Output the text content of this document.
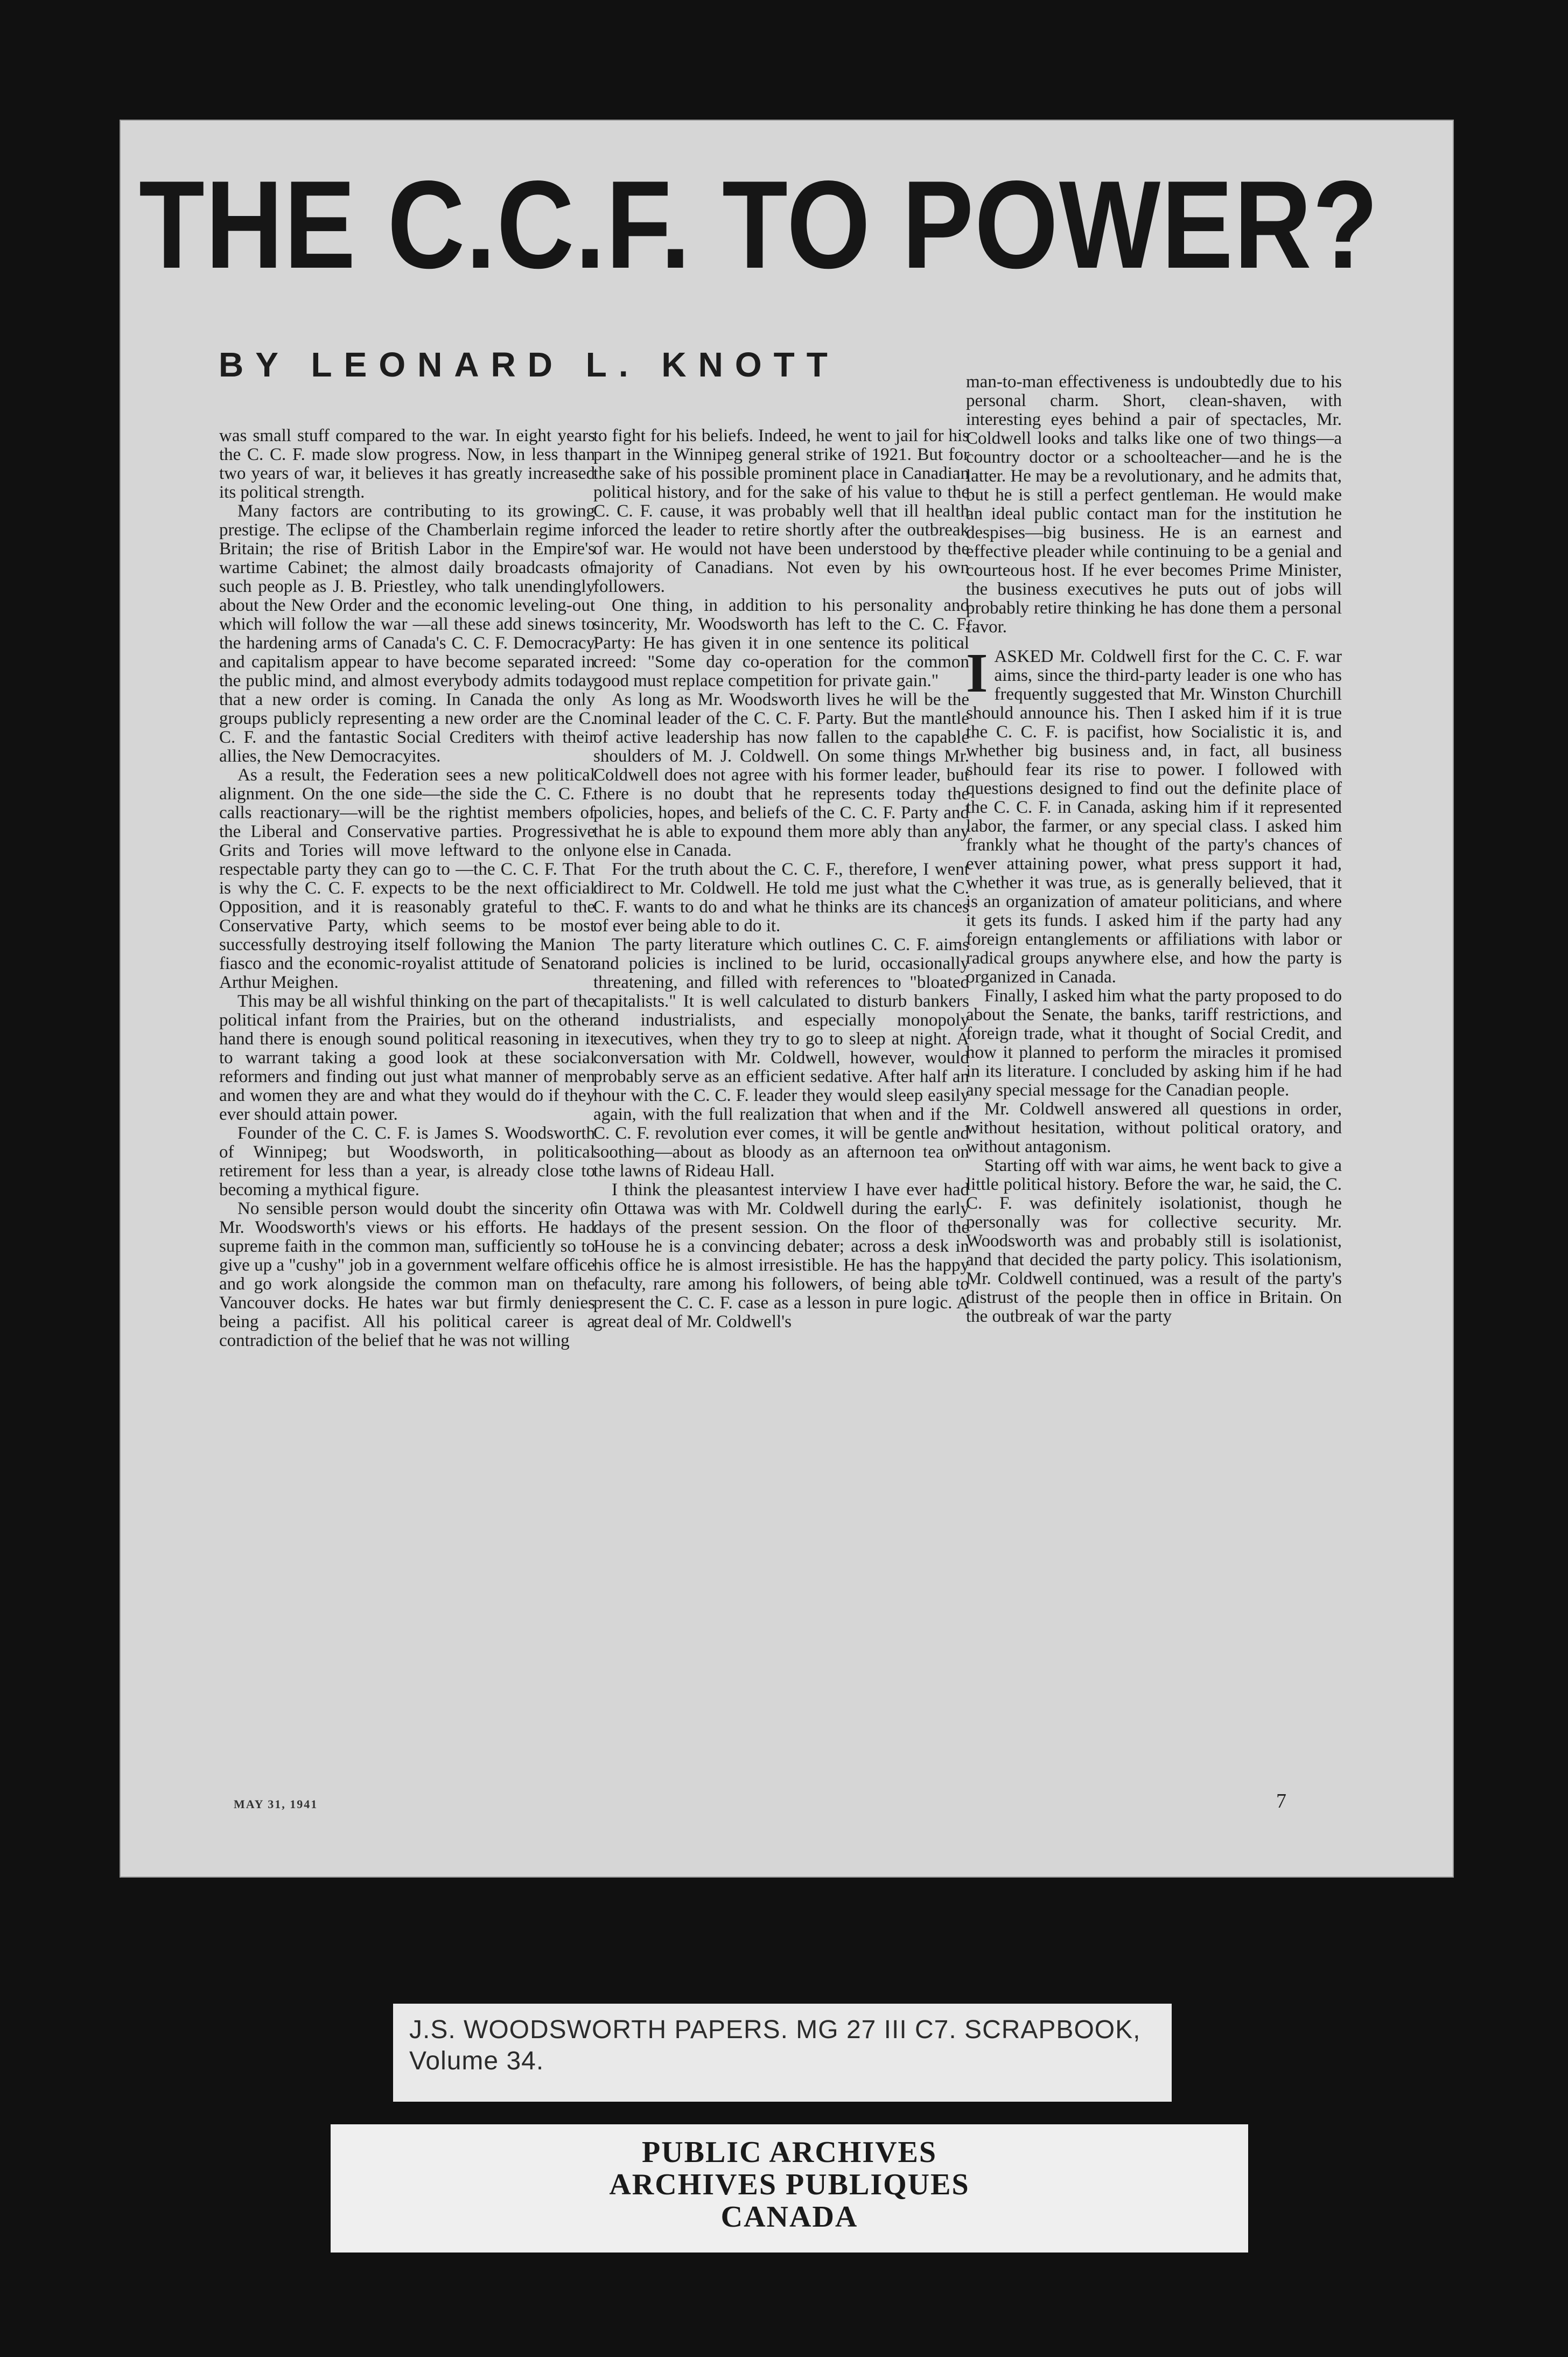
THE C.C.F. TO POWER?
BY LEONARD L. KNOTT

was small stuff compared to the war. In eight years the C. C. F. made slow progress. Now, in less than two years of war, it believes it has greatly increased its political strength.

Many factors are contributing to its growing prestige. The eclipse of the Chamberlain regime in Britain; the rise of British Labor in the Empire's wartime Cabinet; the almost daily broadcasts of such people as J. B. Priestley, who talk unendingly about the New Order and the economic leveling-out which will follow the war —all these add sinews to the hardening arms of Canada's C. C. F. Democracy and capitalism appear to have become separated in the public mind, and almost everybody admits today that a new order is coming. In Canada the only groups publicly representing a new order are the C. C. F. and the fantastic Social Crediters with their allies, the New Democracyites.

As a result, the Federation sees a new political alignment. On the one side—the side the C. C. F. calls reactionary—will be the rightist members of the Liberal and Conservative parties. Progressive Grits and Tories will move leftward to the only respectable party they can go to —the C. C. F. That is why the C. C. F. expects to be the next official Opposition, and it is reasonably grateful to the Conservative Party, which seems to be most successfully destroying itself following the Manion fiasco and the economic-royalist attitude of Senator Arthur Meighen.

This may be all wishful thinking on the part of the political infant from the Prairies, but on the other hand there is enough sound political reasoning in it to warrant taking a good look at these social reformers and finding out just what manner of men and women they are and what they would do if they ever should attain power.

Founder of the C. C. F. is James S. Woodsworth of Winnipeg; but Woodsworth, in political retirement for less than a year, is already close to becoming a mythical figure.

No sensible person would doubt the sincerity of Mr. Woodsworth's views or his efforts. He had supreme faith in the common man, sufficiently so to give up a "cushy" job in a government welfare office and go work alongside the common man on the Vancouver docks. He hates war but firmly denies being a pacifist. All his political career is a contradiction of the belief that he was not willing

to fight for his beliefs. Indeed, he went to jail for his part in the Winnipeg general strike of 1921. But for the sake of his possible prominent place in Canadian political history, and for the sake of his value to the C. C. F. cause, it was probably well that ill health forced the leader to retire shortly after the outbreak of war. He would not have been understood by the majority of Canadians. Not even by his own followers.

One thing, in addition to his personality and sincerity, Mr. Woodsworth has left to the C. C. F. Party: He has given it in one sentence its political creed: "Some day co-operation for the common good must replace competition for private gain."

As long as Mr. Woodsworth lives he will be the nominal leader of the C. C. F. Party. But the mantle of active leadership has now fallen to the capable shoulders of M. J. Coldwell. On some things Mr. Coldwell does not agree with his former leader, but there is no doubt that he represents today the policies, hopes, and beliefs of the C. C. F. Party and that he is able to expound them more ably than any one else in Canada.

For the truth about the C. C. F., therefore, I went direct to Mr. Coldwell. He told me just what the C. C. F. wants to do and what he thinks are its chances of ever being able to do it.

The party literature which outlines C. C. F. aims and policies is inclined to be lurid, occasionally threatening, and filled with references to "bloated capitalists." It is well calculated to disturb bankers and industrialists, and especially monopoly executives, when they try to go to sleep at night. A conversation with Mr. Coldwell, however, would probably serve as an efficient sedative. After half an hour with the C. C. F. leader they would sleep easily again, with the full realization that when and if the C. C. F. revolution ever comes, it will be gentle and soothing—about as bloody as an afternoon tea on the lawns of Rideau Hall.

I think the pleasantest interview I have ever had in Ottawa was with Mr. Coldwell during the early days of the present session. On the floor of the House he is a convincing debater; across a desk in his office he is almost irresistible. He has the happy faculty, rare among his followers, of being able to present the C. C. F. case as a lesson in pure logic. A great deal of Mr. Coldwell's

man-to-man effectiveness is undoubtedly due to his personal charm. Short, clean-shaven, with interesting eyes behind a pair of spectacles, Mr. Coldwell looks and talks like one of two things—a country doctor or a schoolteacher—and he is the latter. He may be a revolutionary, and he admits that, but he is still a perfect gentleman. He would make an ideal public contact man for the institution he despises—big business. He is an earnest and effective pleader while continuing to be a genial and courteous host. If he ever becomes Prime Minister, the business executives he puts out of jobs will probably retire thinking he has done them a personal favor.

IASKED Mr. Coldwell first for the C. C. F. war aims, since the third-party leader is one who has frequently suggested that Mr. Winston Churchill should announce his. Then I asked him if it is true the C. C. F. is pacifist, how Socialistic it is, and whether big business and, in fact, all business should fear its rise to power. I followed with questions designed to find out the definite place of the C. C. F. in Canada, asking him if it represented labor, the farmer, or any special class. I asked him frankly what he thought of the party's chances of ever attaining power, what press support it had, whether it was true, as is generally believed, that it is an organization of amateur politicians, and where it gets its funds. I asked him if the party had any foreign entanglements or affiliations with labor or radical groups anywhere else, and how the party is organized in Canada.

Finally, I asked him what the party proposed to do about the Senate, the banks, tariff restrictions, and foreign trade, what it thought of Social Credit, and how it planned to perform the miracles it promised in its literature. I concluded by asking him if he had any special message for the Canadian people.

Mr. Coldwell answered all questions in order, without hesitation, without political oratory, and without antagonism.

Starting off with war aims, he went back to give a little political history. Before the war, he said, the C. C. F. was definitely isolationist, though he personally was for collective security. Mr. Woodsworth was and probably still is isolationist, and that decided the party policy. This isolationism, Mr. Coldwell continued, was a result of the party's distrust of the people then in office in Britain. On the outbreak of war the party

MAY 31, 1941	7
J.S. WOODSWORTH PAPERS. MG 27 III C7. SCRAPBOOK,
Volume 34.
PUBLIC ARCHIVES
ARCHIVES PUBLIQUES
CANADA
